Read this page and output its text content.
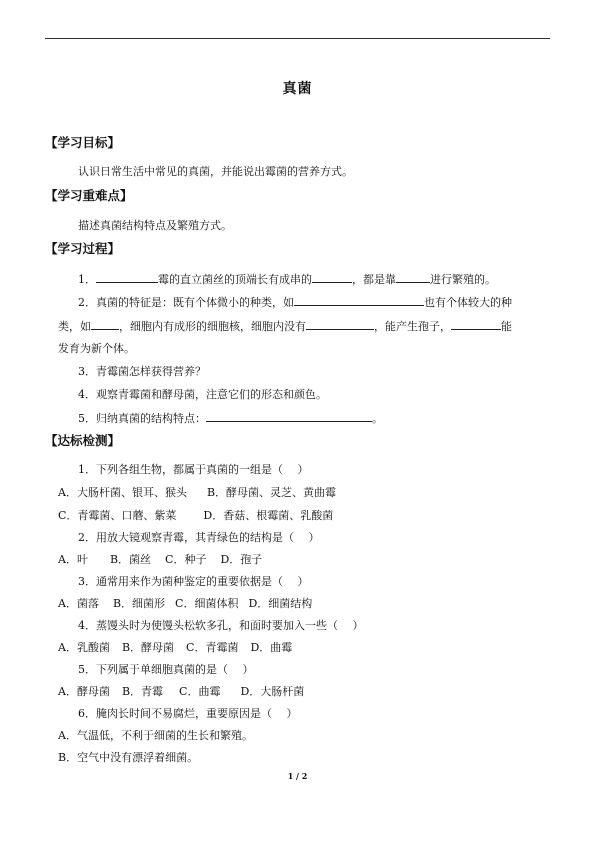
真菌
【学习目标】
认识日常生活中常见的真菌，并能说出霉菌的营养方式。
【学习重难点】
描述真菌结构特点及繁殖方式。
【学习过程】
1．	霉的直立菌丝的顶端长有成串的	，都是靠	进行繁殖的。
2．真菌的特征是：既有个体微小的种类，如	也有个体较大的种
类，如	，细胞内有成形的细胞核，细胞内没有	，能产生孢子，	能
发育为新个体。
3．青霉菌怎样获得营养？
4．观察青霉菌和酵母菌，注意它们的形态和颜色。
5．归纳真菌的结构特点：	。
【达标检测】
1．下列各组生物，都属于真菌的一组是（　 ）
A．大肠杆菌、银耳、猴头 B．酵母菌、灵芝、黄曲霉
C．青霉菌、口蘑、紫菜 D．香菇、根霉菌、乳酸菌
2．用放大镜观察青霉，其青绿色的结构是（　 ）
A．叶 B．菌丝 C．种子 D．孢子
3．通常用来作为菌种鉴定的重要依据是（　 ）
A．菌落 B．细菌形 C．细菌体积 D．细菌结构
4．蒸馒头时为使馒头松软多孔，和面时要加入一些（　 ）
A．乳酸菌 B．酵母菌 C．青霉菌 D．曲霉
5．下列属于单细胞真菌的是（　 ）
A．酵母菌 B．青霉 C．曲霉 D．大肠杆菌
6．腌肉长时间不易腐烂，重要原因是（　 ）
A．气温低，不利于细菌的生长和繁殖。
B．空气中没有漂浮着细菌。
1 / 2
